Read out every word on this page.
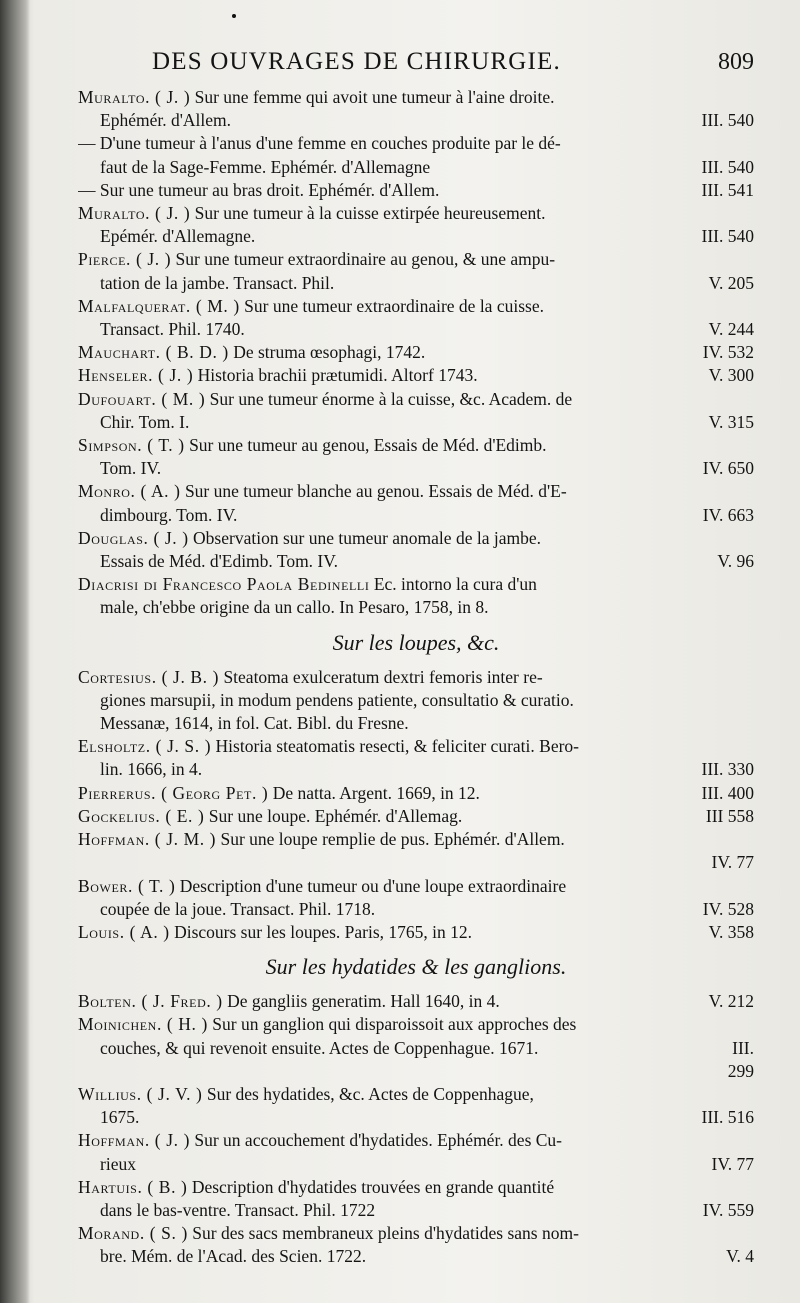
DES OUVRAGES DE CHIRURGIE.	809
Muralto. ( J. ) Sur une femme qui avoit une tumeur à l'aine droite.
Ephémér. d'Allem.	III. 540
— D'une tumeur à l'anus d'une femme en couches produite par le dé-
faut de la Sage-Femme. Ephémér. d'Allemagne	III. 540
— Sur une tumeur au bras droit. Ephémér. d'Allem.	III. 541
Muralto. ( J. ) Sur une tumeur à la cuisse extirpée heureusement.
Epémér. d'Allemagne.	III. 540
Pierce. ( J. ) Sur une tumeur extraordinaire au genou, & une ampu-
tation de la jambe. Transact. Phil.	V. 205
Malfalquerat. ( M. ) Sur une tumeur extraordinaire de la cuisse.
Transact. Phil. 1740.	V. 244
Mauchart. ( B. D. ) De struma œsophagi, 1742.	IV. 532
Henseler. ( J. ) Historia brachii prætumidi. Altorf 1743.	V. 300
Dufouart. ( M. ) Sur une tumeur énorme à la cuisse, &c. Academ. de
Chir. Tom. I.	V. 315
Simpson. ( T. ) Sur une tumeur au genou, Essais de Méd. d'Edimb.
Tom. IV.	IV. 650
Monro. ( A. ) Sur une tumeur blanche au genou. Essais de Méd. d'E-
dimbourg. Tom. IV.	IV. 663
Douglas. ( J. ) Observation sur une tumeur anomale de la jambe.
Essais de Méd. d'Edimb. Tom. IV.	V. 96
Diacrisi di Francesco Paola Bedinelli Ec. intorno la cura d'un
male, ch'ebbe origine da un callo. In Pesaro, 1758, in 8.
Sur les loupes, &c.
Cortesius. ( J. B. ) Steatoma exulceratum dextri femoris inter re-
giones marsupii, in modum pendens patiente, consultatio & curatio.
Messanæ, 1614, in fol. Cat. Bibl. du Fresne.
Elsholtz. ( J. S. ) Historia steatomatis resecti, & feliciter curati. Bero-
lin. 1666, in 4.	III. 330
Pierrerus. ( Georg Pet. ) De natta. Argent. 1669, in 12.	III. 400
Gockelius. ( E. ) Sur une loupe. Ephémér. d'Allemag.	III 558
Hoffman. ( J. M. ) Sur une loupe remplie de pus. Ephémér. d'Allem.
IV. 77
Bower. ( T. ) Description d'une tumeur ou d'une loupe extraordinaire
coupée de la joue. Transact. Phil. 1718.	IV. 528
Louis. ( A. ) Discours sur les loupes. Paris, 1765, in 12.	V. 358
Sur les hydatides & les ganglions.
Bolten. ( J. Fred. ) De gangliis generatim. Hall 1640, in 4.	V. 212
Moinichen. ( H. ) Sur un ganglion qui disparoissoit aux approches des
couches, & qui revenoit ensuite. Actes de Coppenhague. 1671.	III.
299
Willius. ( J. V. ) Sur des hydatides, &c. Actes de Coppenhague,
1675.	III. 516
Hoffman. ( J. ) Sur un accouchement d'hydatides. Ephémér. des Cu-
rieux	IV. 77
Hartuis. ( B. ) Description d'hydatides trouvées en grande quantité
dans le bas-ventre. Transact. Phil. 1722	IV. 559
Morand. ( S. ) Sur des sacs membraneux pleins d'hydatides sans nom-
bre. Mém. de l'Acad. des Scien. 1722.	V. 4
